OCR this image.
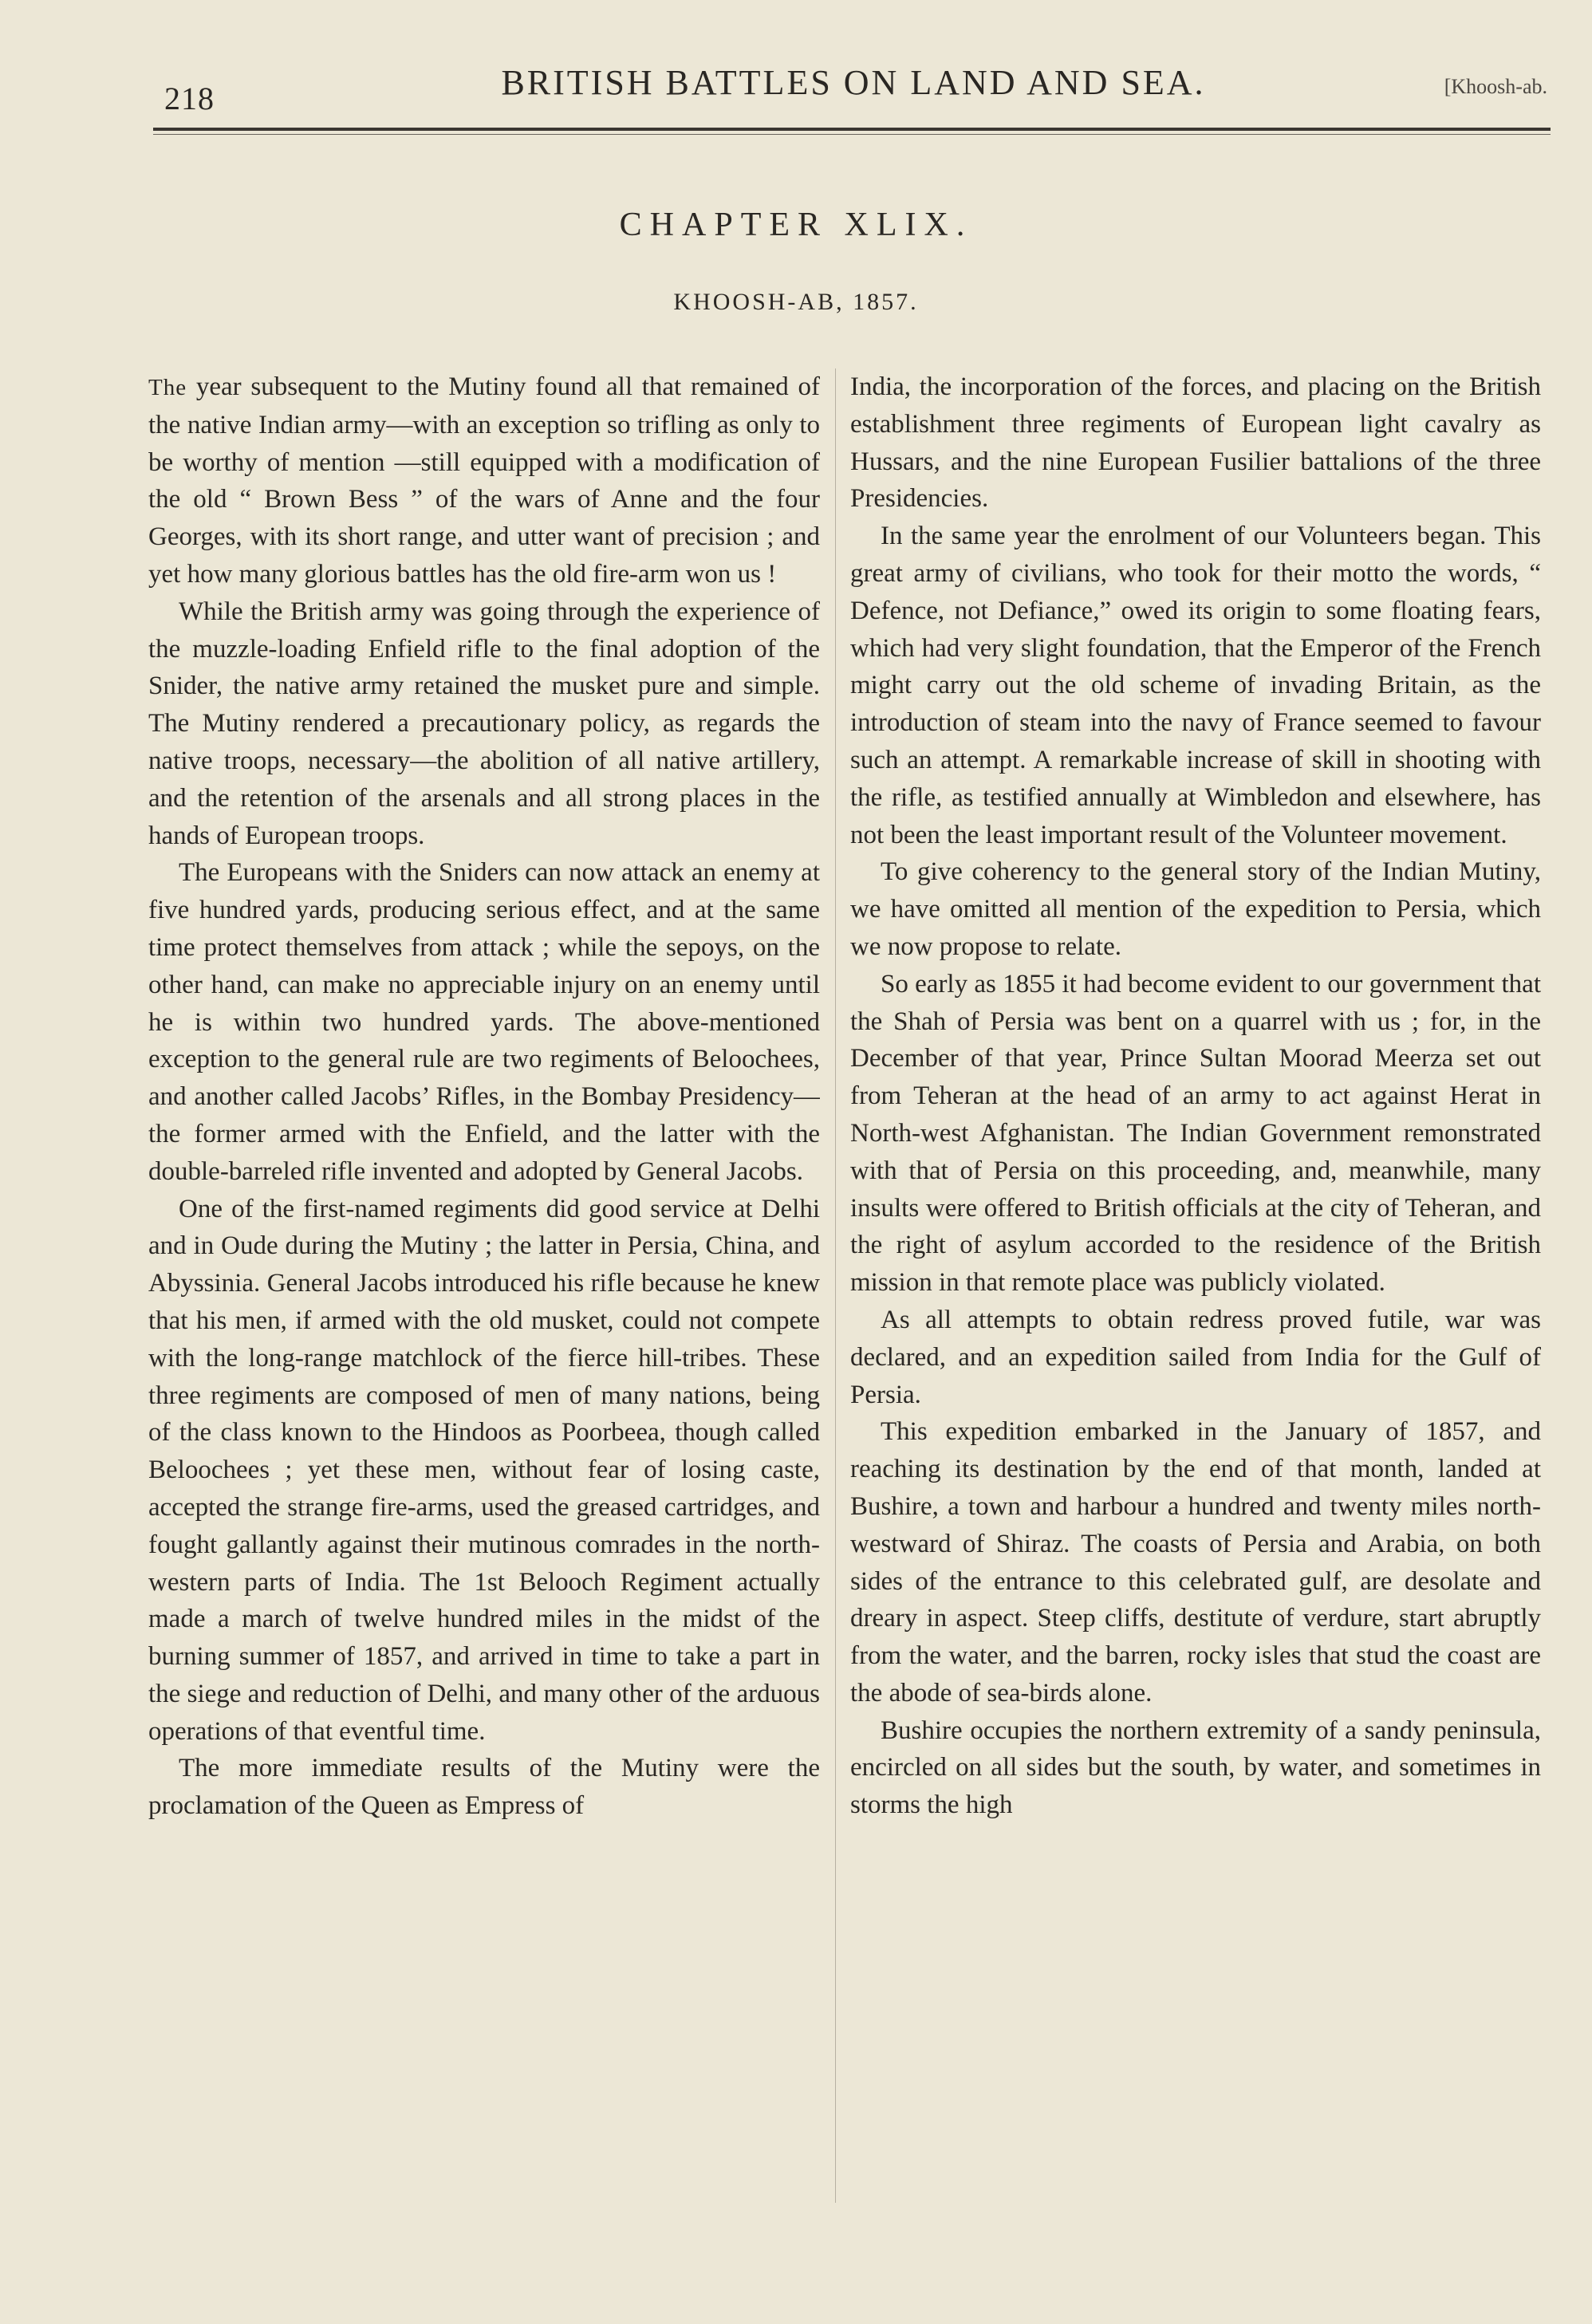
218	BRITISH BATTLES ON LAND AND SEA.	[Khoosh-ab.
CHAPTER XLIX.
KHOOSH-AB, 1857.

The year subsequent to the Mutiny found all that remained of the native Indian army—with an exception so trifling as only to be worthy of mention —still equipped with a modification of the old “ Brown Bess ” of the wars of Anne and the four Georges, with its short range, and utter want of precision ; and yet how many glorious battles has the old fire-arm won us !

While the British army was going through the experience of the muzzle-loading Enfield rifle to the final adoption of the Snider, the native army retained the musket pure and simple. The Mutiny rendered a precautionary policy, as regards the native troops, necessary—the abolition of all native artillery, and the retention of the arsenals and all strong places in the hands of European troops.

The Europeans with the Sniders can now attack an enemy at five hundred yards, producing serious effect, and at the same time protect themselves from attack ; while the sepoys, on the other hand, can make no appreciable injury on an enemy until he is within two hundred yards. The above-mentioned exception to the general rule are two regiments of Beloochees, and another called Jacobs’ Rifles, in the Bombay Presidency— the former armed with the Enfield, and the latter with the double-barreled rifle invented and adopted by General Jacobs.

One of the first-named regiments did good service at Delhi and in Oude during the Mutiny ; the latter in Persia, China, and Abyssinia. General Jacobs introduced his rifle because he knew that his men, if armed with the old musket, could not compete with the long-range matchlock of the fierce hill-tribes. These three regiments are composed of men of many nations, being of the class known to the Hindoos as Poorbeea, though called Beloochees ; yet these men, without fear of losing caste, accepted the strange fire-arms, used the greased cartridges, and fought gallantly against their mutinous comrades in the north-western parts of India. The 1st Belooch Regiment actually made a march of twelve hundred miles in the midst of the burning summer of 1857, and arrived in time to take a part in the siege and reduction of Delhi, and many other of the arduous operations of that eventful time.

The more immediate results of the Mutiny were the proclamation of the Queen as Empress of

India, the incorporation of the forces, and placing on the British establishment three regiments of European light cavalry as Hussars, and the nine European Fusilier battalions of the three Presidencies.

In the same year the enrolment of our Volunteers began. This great army of civilians, who took for their motto the words, “ Defence, not Defiance,” owed its origin to some floating fears, which had very slight foundation, that the Emperor of the French might carry out the old scheme of invading Britain, as the introduction of steam into the navy of France seemed to favour such an attempt. A remarkable increase of skill in shooting with the rifle, as testified annually at Wimbledon and elsewhere, has not been the least important result of the Volunteer movement.

To give coherency to the general story of the Indian Mutiny, we have omitted all mention of the expedition to Persia, which we now propose to relate.

So early as 1855 it had become evident to our government that the Shah of Persia was bent on a quarrel with us ; for, in the December of that year, Prince Sultan Moorad Meerza set out from Teheran at the head of an army to act against Herat in North-west Afghanistan. The Indian Government remonstrated with that of Persia on this proceeding, and, meanwhile, many insults were offered to British officials at the city of Teheran, and the right of asylum accorded to the residence of the British mission in that remote place was publicly violated.

As all attempts to obtain redress proved futile, war was declared, and an expedition sailed from India for the Gulf of Persia.

This expedition embarked in the January of 1857, and reaching its destination by the end of that month, landed at Bushire, a town and harbour a hundred and twenty miles north-westward of Shiraz. The coasts of Persia and Arabia, on both sides of the entrance to this celebrated gulf, are desolate and dreary in aspect. Steep cliffs, destitute of verdure, start abruptly from the water, and the barren, rocky isles that stud the coast are the abode of sea-birds alone.

Bushire occupies the northern extremity of a sandy peninsula, encircled on all sides but the south, by water, and sometimes in storms the high
